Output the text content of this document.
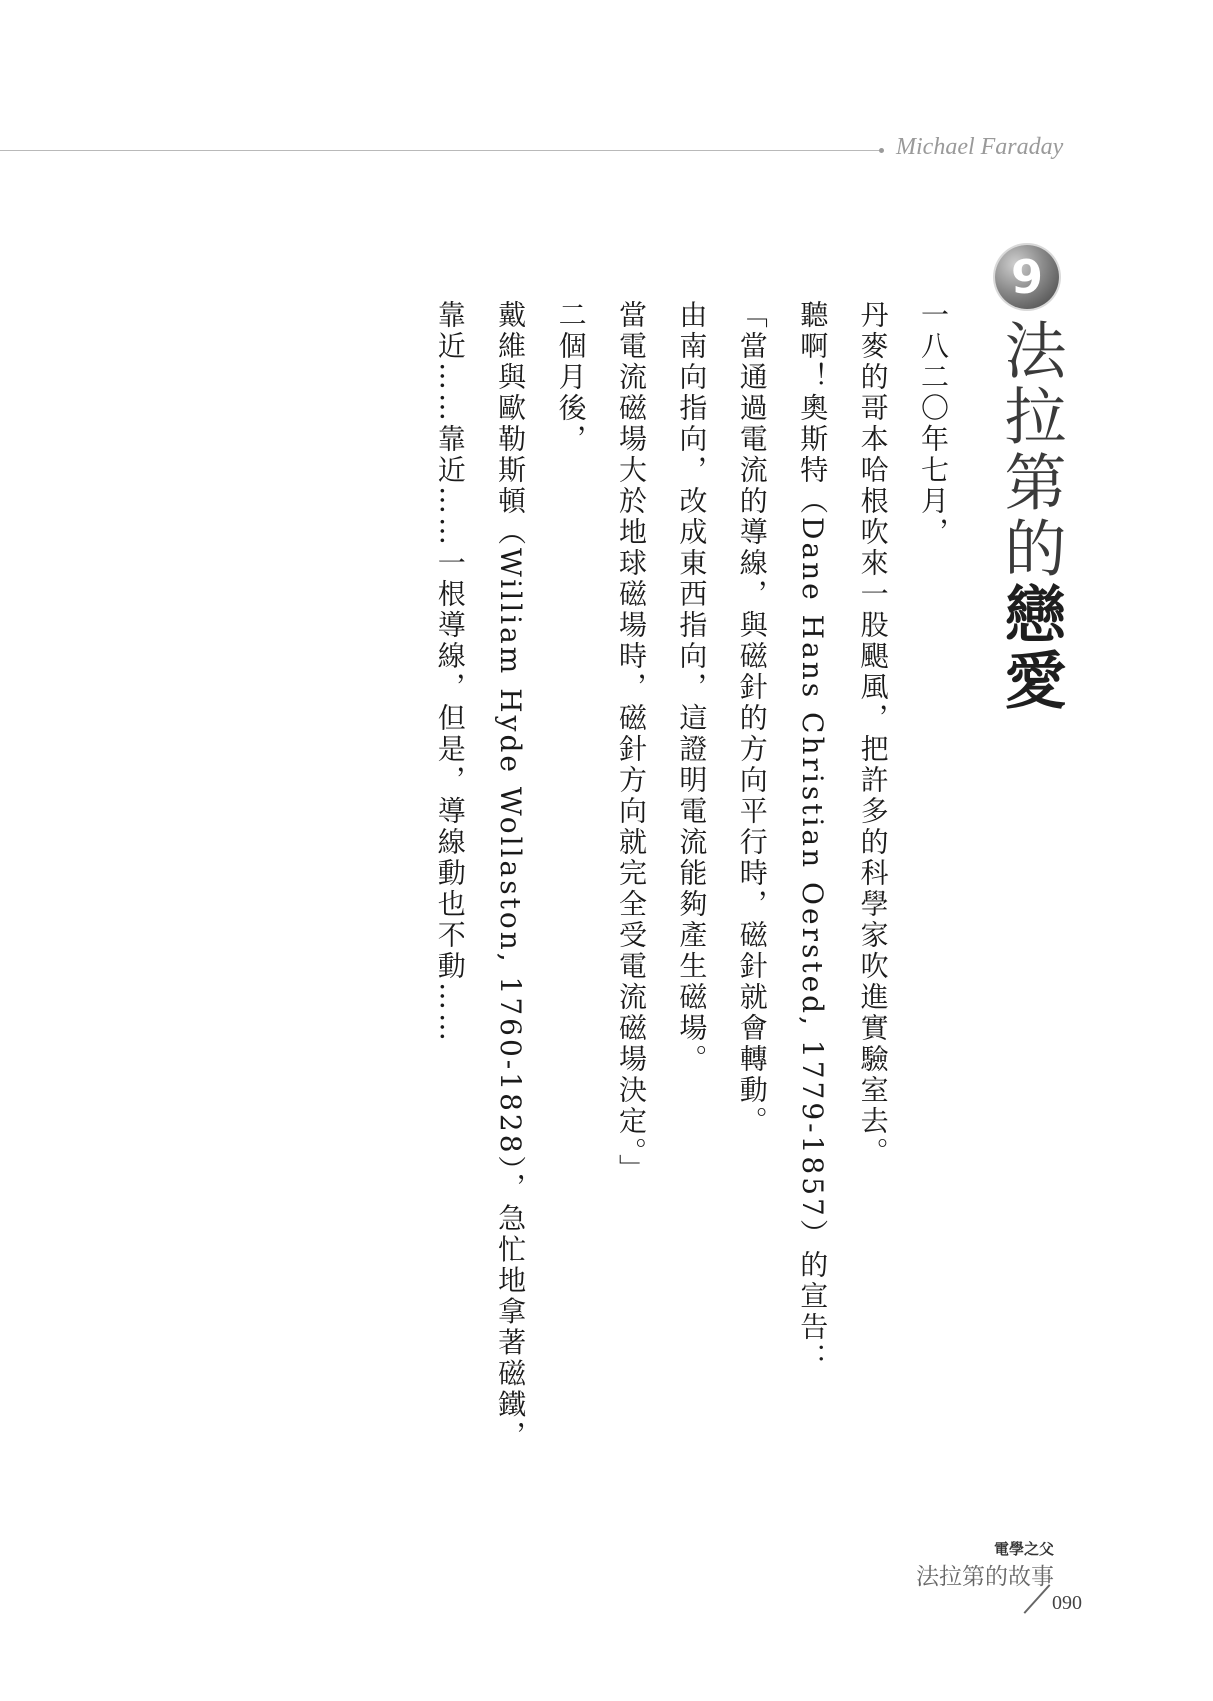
Michael Faraday
9
法拉第的戀愛

一八二〇年七月，

丹麥的哥本哈根吹來一股颶風，把許多的科學家吹進實驗室去。

聽啊！奧斯特（Dane Hans Christian Oersted, 1779-1857）的宣告：

「當通過電流的導線，與磁針的方向平行時，磁針就會轉動。

由南向指向，改成東西指向，這證明電流能夠產生磁場。

當電流磁場大於地球磁場時，磁針方向就完全受電流磁場決定。」

二個月後，

戴維與歐勒斯頓（William Hyde Wollaston, 1760-1828），急忙地拿著磁鐵，

靠近……靠近……一根導線，但是，導線動也不動……

電學之父
法拉第的故事
090
